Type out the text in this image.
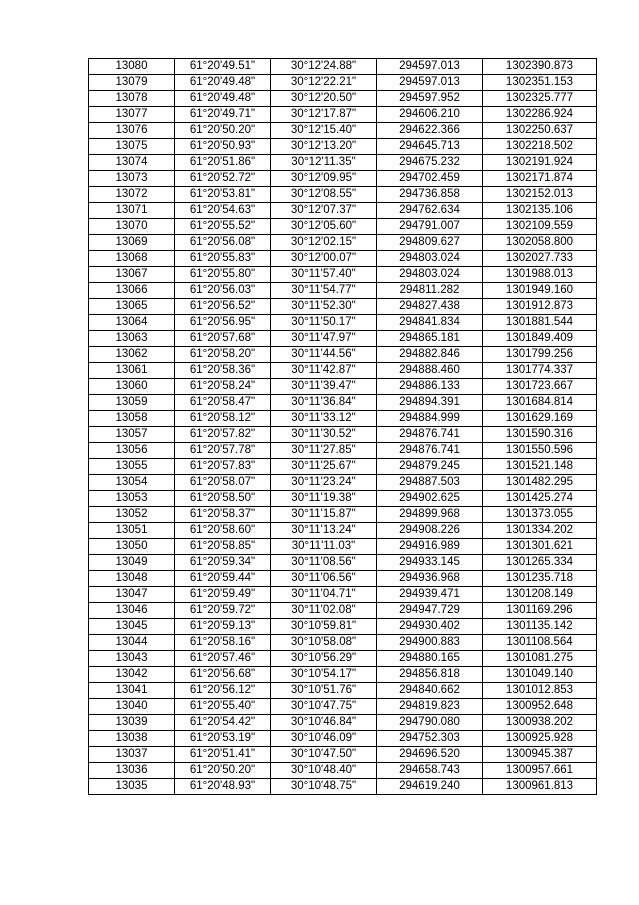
13080	61°20'49.51"	30°12'24.88"	294597.013	1302390.873
13079	61°20'49.48"	30°12'22.21"	294597.013	1302351.153
13078	61°20'49.48"	30°12'20.50"	294597.952	1302325.777
13077	61°20'49.71"	30°12'17.87"	294606.210	1302286.924
13076	61°20'50.20"	30°12'15.40"	294622.366	1302250.637
13075	61°20'50.93"	30°12'13.20"	294645.713	1302218.502
13074	61°20'51.86"	30°12'11.35"	294675.232	1302191.924
13073	61°20'52.72"	30°12'09.95"	294702.459	1302171.874
13072	61°20'53.81"	30°12'08.55"	294736.858	1302152.013
13071	61°20'54.63"	30°12'07.37"	294762.634	1302135.106
13070	61°20'55.52"	30°12'05.60"	294791.007	1302109.559
13069	61°20'56.08"	30°12'02.15"	294809.627	1302058.800
13068	61°20'55.83"	30°12'00.07"	294803.024	1302027.733
13067	61°20'55.80"	30°11'57.40"	294803.024	1301988.013
13066	61°20'56.03"	30°11'54.77"	294811.282	1301949.160
13065	61°20'56.52"	30°11'52.30"	294827.438	1301912.873
13064	61°20'56.95"	30°11'50.17"	294841.834	1301881.544
13063	61°20'57.68"	30°11'47.97"	294865.181	1301849.409
13062	61°20'58.20"	30°11'44.56"	294882.846	1301799.256
13061	61°20'58.36"	30°11'42.87"	294888.460	1301774.337
13060	61°20'58.24"	30°11'39.47"	294886.133	1301723.667
13059	61°20'58.47"	30°11'36.84"	294894.391	1301684.814
13058	61°20'58.12"	30°11'33.12"	294884.999	1301629.169
13057	61°20'57.82"	30°11'30.52"	294876.741	1301590.316
13056	61°20'57.78"	30°11'27.85"	294876.741	1301550.596
13055	61°20'57.83"	30°11'25.67"	294879.245	1301521.148
13054	61°20'58.07"	30°11'23.24"	294887.503	1301482.295
13053	61°20'58.50"	30°11'19.38"	294902.625	1301425.274
13052	61°20'58.37"	30°11'15.87"	294899.968	1301373.055
13051	61°20'58.60"	30°11'13.24"	294908.226	1301334.202
13050	61°20'58.85"	30°11'11.03"	294916.989	1301301.621
13049	61°20'59.34"	30°11'08.56"	294933.145	1301265.334
13048	61°20'59.44"	30°11'06.56"	294936.968	1301235.718
13047	61°20'59.49"	30°11'04.71"	294939.471	1301208.149
13046	61°20'59.72"	30°11'02.08"	294947.729	1301169.296
13045	61°20'59.13"	30°10'59.81"	294930.402	1301135.142
13044	61°20'58.16"	30°10'58.08"	294900.883	1301108.564
13043	61°20'57.46"	30°10'56.29"	294880.165	1301081.275
13042	61°20'56.68"	30°10'54.17"	294856.818	1301049.140
13041	61°20'56.12"	30°10'51.76"	294840.662	1301012.853
13040	61°20'55.40"	30°10'47.75"	294819.823	1300952.648
13039	61°20'54.42"	30°10'46.84"	294790.080	1300938.202
13038	61°20'53.19"	30°10'46.09"	294752.303	1300925.928
13037	61°20'51.41"	30°10'47.50"	294696.520	1300945.387
13036	61°20'50.20"	30°10'48.40"	294658.743	1300957.661
13035	61°20'48.93"	30°10'48.75"	294619.240	1300961.813
